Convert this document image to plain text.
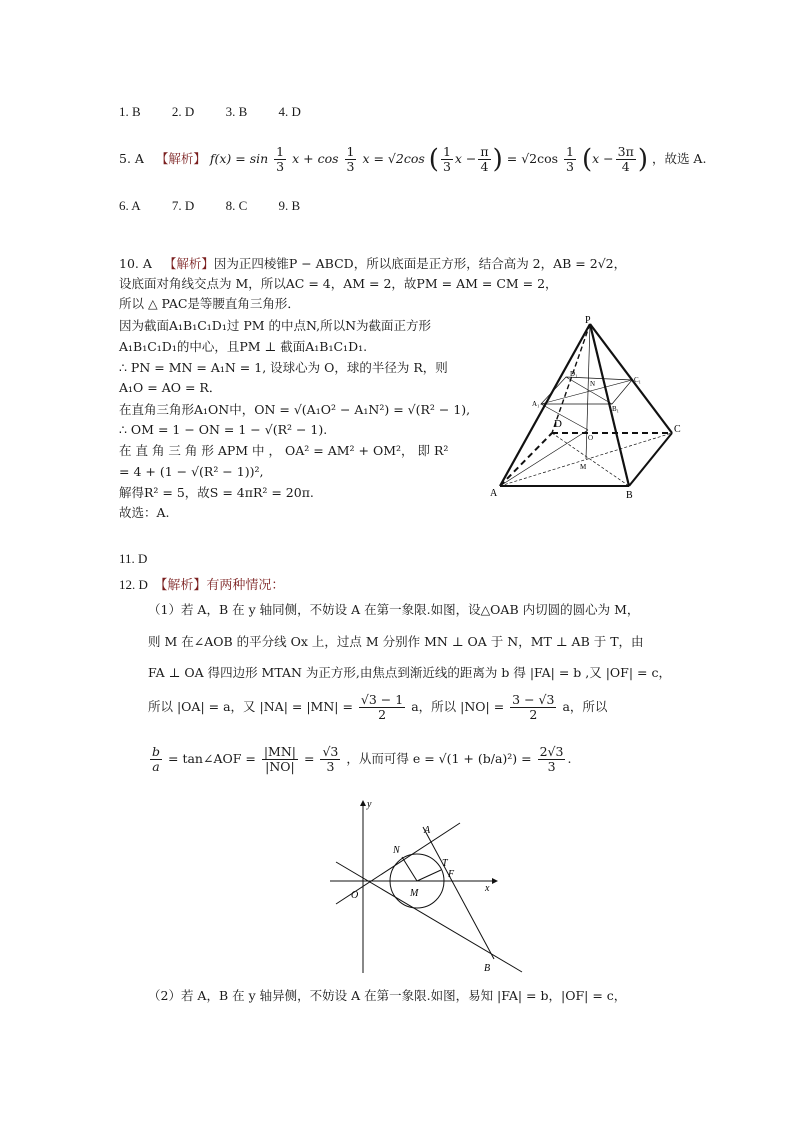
1. B 2. D 3. B 4. D
5. A 【解析】 $f(x) = \sin \frac{1}{3}$ $x + \cos \frac{1}{3}$ x = √2cos ( $\frac{1}{3}$ $x - \frac{\pi}{4}$ ) = $√2\cos \frac{1}{3} (x - \frac{3\pi}{4}$ ) ，故选 A.
6. A 7. D 8. C 9. B
10. A 【解析】因为正四棱锥P − ABCD，所以底面是正方形，结合高为 2，AB = 2√2，
设底面对角线交点为 M，所以AC = 4，AM = 2，故PM = AM = CM = 2，
所以 △ PAC是等腰直角三角形．
因为截面A₁B₁C₁D₁过 PM 的中点N,所以N为截面正方形
A₁B₁C₁D₁的中心，且PM ⊥ 截面A₁B₁C₁D₁.
∴ PN = MN = A₁N = 1, 设球心为 O，球的半径为 R，则
A₁O = AO = R．
在直角三角形A₁ON中，ON = √(A₁O² − A₁N²) = √(R² − 1),
∴ OM = 1 − ON = 1 − √(R² − 1).
在 直 角 三 角 形 APM 中 ， OA² = AM² + OM²， 即 R²
= 4 + (1 − √(R² − 1))²,
解得R² = 5，故S = 4πR² = 20π.
故选：A.
P
A	B
C
D
O
M
N
A₁
B₁
C₁
D₁
11. D
12. D 【解析】有两种情况：
（1）若 A，B 在 y 轴同侧，不妨设 A 在第一象限.如图，设△OAB 内切圆的圆心为 M，
则 M 在∠AOB 的平分线 Ox 上，过点 M 分别作 MN ⊥ OA 于 N，MT ⊥ AB 于 T，由
FA ⊥ OA 得四边形 MTAN 为正方形,由焦点到渐近线的距离为 b 得 |FA| = b ,又 |OF| = c，
所以 |OA| = a，又 $|NA| = |MN| = \frac{√3 - 1}{2}$ a，所以 $|NO| = \frac{3 - √3}{2}$ a，所以
$\frac{b}{a}$ = tan∠AOF = $\frac{|MN|}{|NO|} = \frac{√3}{3}$ ，从而可得 $e = √(1 + (b/a)^2) = \frac{2√3}{3}$ .
y
x
O
A
B
N
T
F
M
（2）若 A，B 在 y 轴异侧，不妨设 A 在第一象限.如图，易知 |FA| = b，|OF| = c，
